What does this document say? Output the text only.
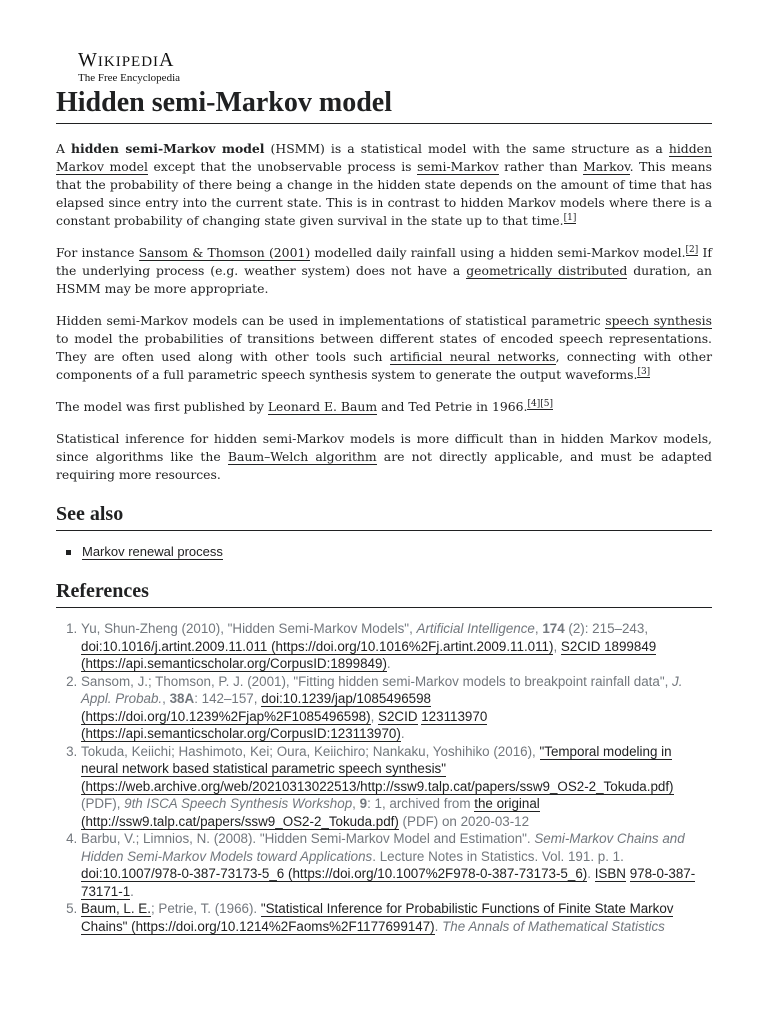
WIKIPEDIA
The Free Encyclopedia
Hidden semi-Markov model

A hidden semi-Markov model (HSMM) is a statistical model with the same structure as a hidden Markov model except that the unobservable process is semi-Markov rather than Markov. This means that the probability of there being a change in the hidden state depends on the amount of time that has elapsed since entry into the current state. This is in contrast to hidden Markov models where there is a constant probability of changing state given survival in the state up to that time.[1]

For instance Sansom & Thomson (2001) modelled daily rainfall using a hidden semi-Markov model.[2] If the underlying process (e.g. weather system) does not have a geometrically distributed duration, an HSMM may be more appropriate.

Hidden semi-Markov models can be used in implementations of statistical parametric speech synthesis to model the probabilities of transitions between different states of encoded speech representations. They are often used along with other tools such artificial neural networks, connecting with other components of a full parametric speech synthesis system to generate the output waveforms.[3]

The model was first published by Leonard E. Baum and Ted Petrie in 1966.[4][5]

Statistical inference for hidden semi-Markov models is more difficult than in hidden Markov models, since algorithms like the Baum–Welch algorithm are not directly applicable, and must be adapted requiring more resources.

See also
Markov renewal process
References
1. Yu, Shun-Zheng (2010), "Hidden Semi-Markov Models", Artificial Intelligence, 174 (2): 215–243, doi:10.1016/j.artint.2009.11.011 (https://doi.org/10.1016%2Fj.artint.2009.11.011), S2CID 1899849 (https://api.semanticscholar.org/CorpusID:1899849).
2. Sansom, J.; Thomson, P. J. (2001), "Fitting hidden semi-Markov models to breakpoint rainfall data", J. Appl. Probab., 38A: 142–157, doi:10.1239/jap/1085496598 (https://doi.org/10.1239%2Fjap%2F1085496598), S2CID 123113970 (https://api.semanticscholar.org/CorpusID:123113970).
3. Tokuda, Keiichi; Hashimoto, Kei; Oura, Keiichiro; Nankaku, Yoshihiko (2016), "Temporal modeling in neural network based statistical parametric speech synthesis" (https://web.archive.org/web/20210313022513/http://ssw9.talp.cat/papers/ssw9_OS2-2_Tokuda.pdf) (PDF), 9th ISCA Speech Synthesis Workshop, 9: 1, archived from the original (http://ssw9.talp.cat/papers/ssw9_OS2-2_Tokuda.pdf) (PDF) on 2020-03-12
4. Barbu, V.; Limnios, N. (2008). "Hidden Semi-Markov Model and Estimation". Semi-Markov Chains and Hidden Semi-Markov Models toward Applications. Lecture Notes in Statistics. Vol. 191. p. 1. doi:10.1007/978-0-387-73173-5_6 (https://doi.org/10.1007%2F978-0-387-73173-5_6). ISBN 978-0-387-73171-1.
5. Baum, L. E.; Petrie, T. (1966). "Statistical Inference for Probabilistic Functions of Finite State Markov Chains" (https://doi.org/10.1214%2Faoms%2F1177699147). The Annals of Mathematical Statistics
